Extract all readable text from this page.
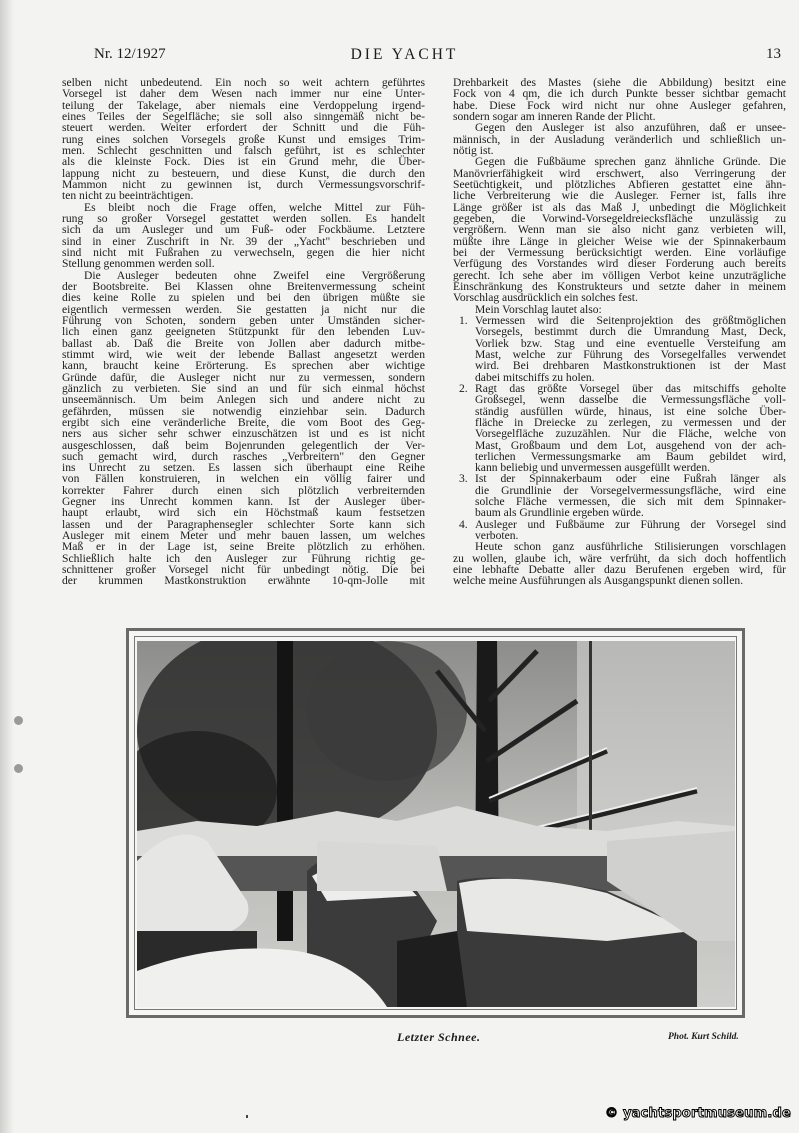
Nr. 12/1927	DIE YACHT	13
selben nicht unbedeutend. Ein noch so weit achtern geführtes
Vorsegel ist daher dem Wesen nach immer nur eine Unter-
teilung der Takelage, aber niemals eine Verdoppelung irgend-
eines Teiles der Segelfläche; sie soll also sinngemäß nicht be-
steuert werden. Weiter erfordert der Schnitt und die Füh-
rung eines solchen Vorsegels große Kunst und emsiges Trim-
men. Schlecht geschnitten und falsch geführt, ist es schlechter
als die kleinste Fock. Dies ist ein Grund mehr, die Über-
lappung nicht zu besteuern, und diese Kunst, die durch den
Mammon nicht zu gewinnen ist, durch Vermessungsvorschrif-
ten nicht zu beeinträchtigen.
Es bleibt noch die Frage offen, welche Mittel zur Füh-
rung so großer Vorsegel gestattet werden sollen. Es handelt
sich da um Ausleger und um Fuß- oder Fockbäume. Letztere
sind in einer Zuschrift in Nr. 39 der „Yacht" beschrieben und
sind nicht mit Fußrahen zu verwechseln, gegen die hier nicht
Stellung genommen werden soll.
Die Ausleger bedeuten ohne Zweifel eine Vergrößerung
der Bootsbreite. Bei Klassen ohne Breitenvermessung scheint
dies keine Rolle zu spielen und bei den übrigen müßte sie
eigentlich vermessen werden. Sie gestatten ja nicht nur die
Führung von Schoten, sondern geben unter Umständen sicher-
lich einen ganz geeigneten Stützpunkt für den lebenden Luv-
ballast ab. Daß die Breite von Jollen aber dadurch mitbe-
stimmt wird, wie weit der lebende Ballast angesetzt werden
kann, braucht keine Erörterung. Es sprechen aber wichtige
Gründe dafür, die Ausleger nicht nur zu vermessen, sondern
gänzlich zu verbieten. Sie sind an und für sich einmal höchst
unseemännisch. Um beim Anlegen sich und andere nicht zu
gefährden, müssen sie notwendig einziehbar sein. Dadurch
ergibt sich eine veränderliche Breite, die vom Boot des Geg-
ners aus sicher sehr schwer einzuschätzen ist und es ist nicht
ausgeschlossen, daß beim Bojenrunden gelegentlich der Ver-
such gemacht wird, durch rasches „Verbreitern" den Gegner
ins Unrecht zu setzen. Es lassen sich überhaupt eine Reihe
von Fällen konstruieren, in welchen ein völlig fairer und
korrekter Fahrer durch einen sich plötzlich verbreiternden
Gegner ins Unrecht kommen kann. Ist der Ausleger über-
haupt erlaubt, wird sich ein Höchstmaß kaum festsetzen
lassen und der Paragraphensegler schlechter Sorte kann sich
Ausleger mit einem Meter und mehr bauen lassen, um welches
Maß er in der Lage ist, seine Breite plötzlich zu erhöhen.
Schließlich halte ich den Ausleger zur Führung richtig ge-
schnittener großer Vorsegel nicht für unbedingt nötig. Die bei
der krummen Mastkonstruktion erwähnte 10-qm-Jolle mit
Drehbarkeit des Mastes (siehe die Abbildung) besitzt eine
Fock von 4 qm, die ich durch Punkte besser sichtbar gemacht
habe. Diese Fock wird nicht nur ohne Ausleger gefahren,
sondern sogar am inneren Rande der Plicht.
Gegen den Ausleger ist also anzuführen, daß er unsee-
männisch, in der Ausladung veränderlich und schließlich un-
nötig ist.
Gegen die Fußbäume sprechen ganz ähnliche Gründe. Die
Manövrierfähigkeit wird erschwert, also Verringerung der
Seetüchtigkeit, und plötzliches Abfieren gestattet eine ähn-
liche Verbreiterung wie die Ausleger. Ferner ist, falls ihre
Länge größer ist als das Maß J, unbedingt die Möglichkeit
gegeben, die Vorwind-Vorsegeldreiecksfläche unzulässig zu
vergrößern. Wenn man sie also nicht ganz verbieten will,
müßte ihre Länge in gleicher Weise wie der Spinnakerbaum
bei der Vermessung berücksichtigt werden. Eine vorläufige
Verfügung des Vorstandes wird dieser Forderung auch bereits
gerecht. Ich sehe aber im völligen Verbot keine unzuträgliche
Einschränkung des Konstrukteurs und setzte daher in meinem
Vorschlag ausdrücklich ein solches fest.
Mein Vorschlag lautet also:
1. Vermessen wird die Seitenprojektion des größtmöglichen
Vorsegels, bestimmt durch die Umrandung Mast, Deck,
Vorliek bzw. Stag und eine eventuelle Versteifung am
Mast, welche zur Führung des Vorsegelfalles verwendet
wird. Bei drehbaren Mastkonstruktionen ist der Mast
dabei mitschiffs zu holen.
2. Ragt das größte Vorsegel über das mitschiffs geholte
Großsegel, wenn dasselbe die Vermessungsfläche voll-
ständig ausfüllen würde, hinaus, ist eine solche Über-
fläche in Dreiecke zu zerlegen, zu vermessen und der
Vorsegelfläche zuzuzählen. Nur die Fläche, welche von
Mast, Großbaum und dem Lot, ausgehend von der ach-
terlichen Vermessungsmarke am Baum gebildet wird,
kann beliebig und unvermessen ausgefüllt werden.
3. Ist der Spinnakerbaum oder eine Fußrah länger als
die Grundlinie der Vorsegelvermessungsfläche, wird eine
solche Fläche vermessen, die sich mit dem Spinnaker-
baum als Grundlinie ergeben würde.
4. Ausleger und Fußbäume zur Führung der Vorsegel sind
verboten.
Heute schon ganz ausführliche Stilisierungen vorschlagen
zu wollen, glaube ich, wäre verfrüht, da sich doch hoffentlich
eine lebhafte Debatte aller dazu Berufenen ergeben wird, für
welche meine Ausführungen als Ausgangspunkt dienen sollen.
Letzter Schnee.	Phot. Kurt Schild.
© yachtsportmuseum.de
